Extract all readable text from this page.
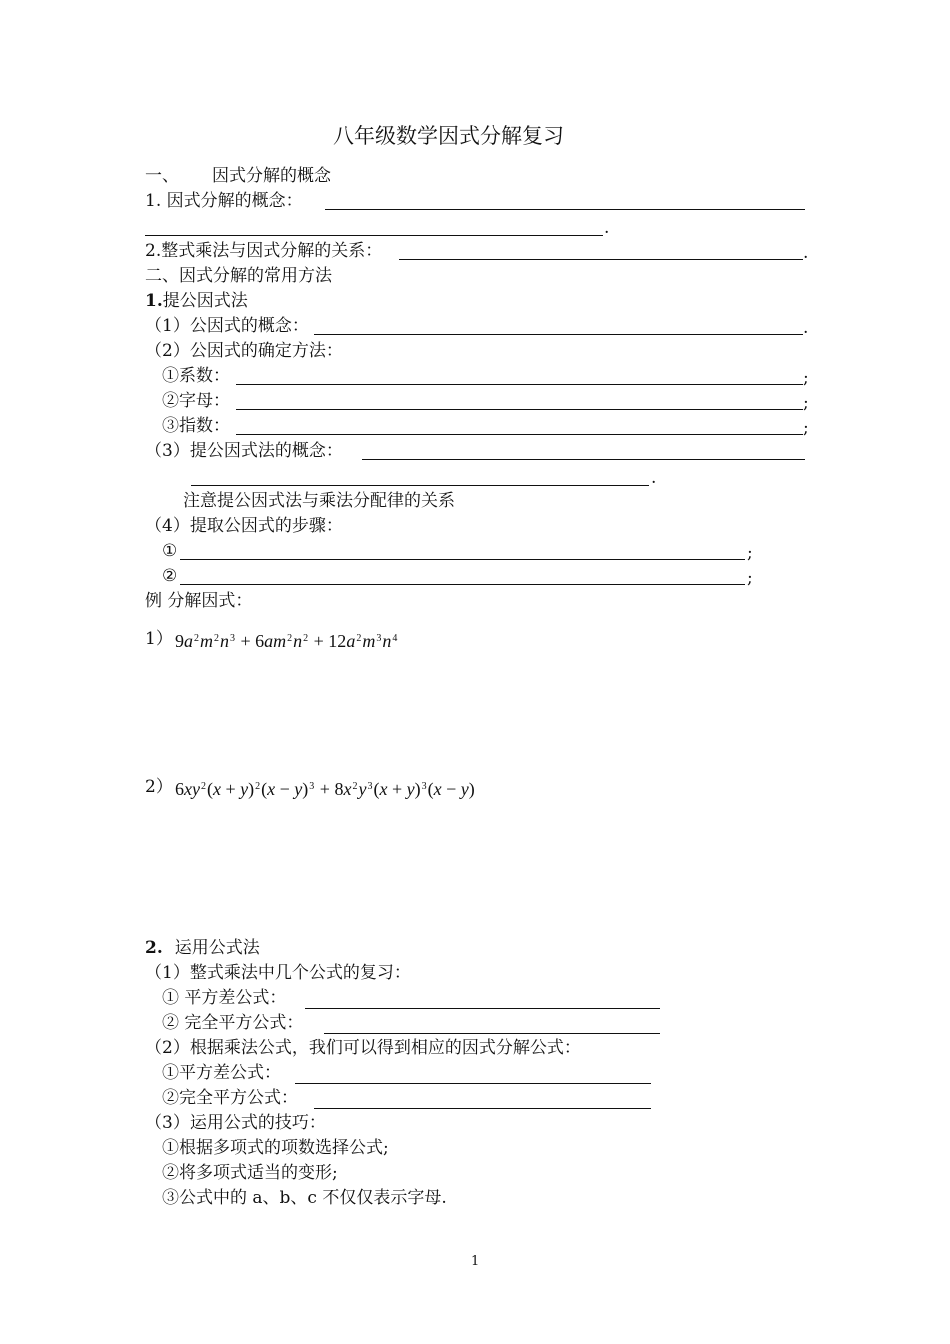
八年级数学因式分解复习
一、 因式分解的概念
1. 因式分解的概念：
.
2.整式乘法与因式分解的关系：	.
二、因式分解的常用方法
1.提公因式法
（1）公因式的概念：	.
（2）公因式的确定方法：
①系数：	;
②字母：	;
③指数：	;
（3）提公因式法的概念：
.
注意提公因式法与乘法分配律的关系
（4）提取公因式的步骤：
①	;
②	;
例 分解因式：
1） $9a^2m^2n^3 + 6am^2n^2 + 12a^2m^3n^4$
2） $6xy^2(x + y)^2(x - y)^3 + 8x^2y^3(x + y)^3(x - y)$
2. 运用公式法
（1）整式乘法中几个公式的复习：
① 平方差公式：
② 完全平方公式：
（2）根据乘法公式，我们可以得到相应的因式分解公式：
①平方差公式：
②完全平方公式：
（3）运用公式的技巧：
①根据多项式的项数选择公式;
②将多项式适当的变形;
③公式中的 a、b、c 不仅仅表示字母.
1
